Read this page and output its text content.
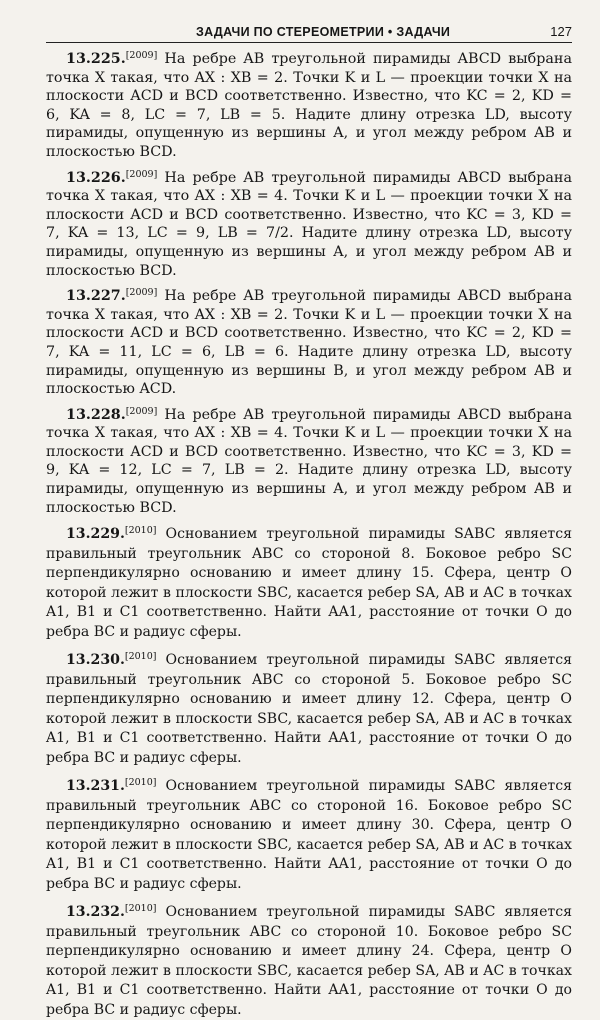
ЗАДАЧИ ПО СТЕРЕОМЕТРИИ • ЗАДАЧИ	127

13.225.[2009] На ребре AB треугольной пирамиды ABCD выбрана точка X такая, что AX : XB = 2. Точки K и L — проекции точки X на плоскости ACD и BCD соответственно. Известно, что KC = 2, KD = 6, KA = 8, LC = 7, LB = 5. Надите длину отрезка LD, высоту пирамиды, опущенную из вершины A, и угол между ребром AB и плоскостью BCD.

13.226.[2009] На ребре AB треугольной пирамиды ABCD выбрана точка X такая, что AX : XB = 4. Точки K и L — проекции точки X на плоскости ACD и BCD соответственно. Известно, что KC = 3, KD = 7, KA = 13, LC = 9, LB = 7/2. Надите длину отрезка LD, высоту пирамиды, опущенную из вершины A, и угол между ребром AB и плоскостью BCD.

13.227.[2009] На ребре AB треугольной пирамиды ABCD выбрана точка X такая, что AX : XB = 2. Точки K и L — проекции точки X на плоскости ACD и BCD соответственно. Известно, что KC = 2, KD = 7, KA = 11, LC = 6, LB = 6. Надите длину отрезка LD, высоту пирамиды, опущенную из вершины B, и угол между ребром AB и плоскостью ACD.

13.228.[2009] На ребре AB треугольной пирамиды ABCD выбрана точка X такая, что AX : XB = 4. Точки K и L — проекции точки X на плоскости ACD и BCD соответственно. Известно, что KC = 3, KD = 9, KA = 12, LC = 7, LB = 2. Надите длину отрезка LD, высоту пирамиды, опущенную из вершины A, и угол между ребром AB и плоскостью BCD.

13.229.[2010] Основанием треугольной пирамиды SABC является правильный треугольник ABC со стороной 8. Боковое ребро SC перпендикулярно основанию и имеет длину 15. Сфера, центр O которой лежит в плоскости SBC, касается ребер SA, AB и AC в точках A1, B1 и C1 соответственно. Найти AA1, расстояние от точки O до ребра BC и радиус сферы.

13.230.[2010] Основанием треугольной пирамиды SABC является правильный треугольник ABC со стороной 5. Боковое ребро SC перпендикулярно основанию и имеет длину 12. Сфера, центр O которой лежит в плоскости SBC, касается ребер SA, AB и AC в точках A1, B1 и C1 соответственно. Найти AA1, расстояние от точки O до ребра BC и радиус сферы.

13.231.[2010] Основанием треугольной пирамиды SABC является правильный треугольник ABC со стороной 16. Боковое ребро SC перпендикулярно основанию и имеет длину 30. Сфера, центр O которой лежит в плоскости SBC, касается ребер SA, AB и AC в точках A1, B1 и C1 соответственно. Найти AA1, расстояние от точки O до ребра BC и радиус сферы.

13.232.[2010] Основанием треугольной пирамиды SABC является правильный треугольник ABC со стороной 10. Боковое ребро SC перпендикулярно основанию и имеет длину 24. Сфера, центр O которой лежит в плоскости SBC, касается ребер SA, AB и AC в точках A1, B1 и C1 соответственно. Найти AA1, расстояние от точки O до ребра BC и радиус сферы.
